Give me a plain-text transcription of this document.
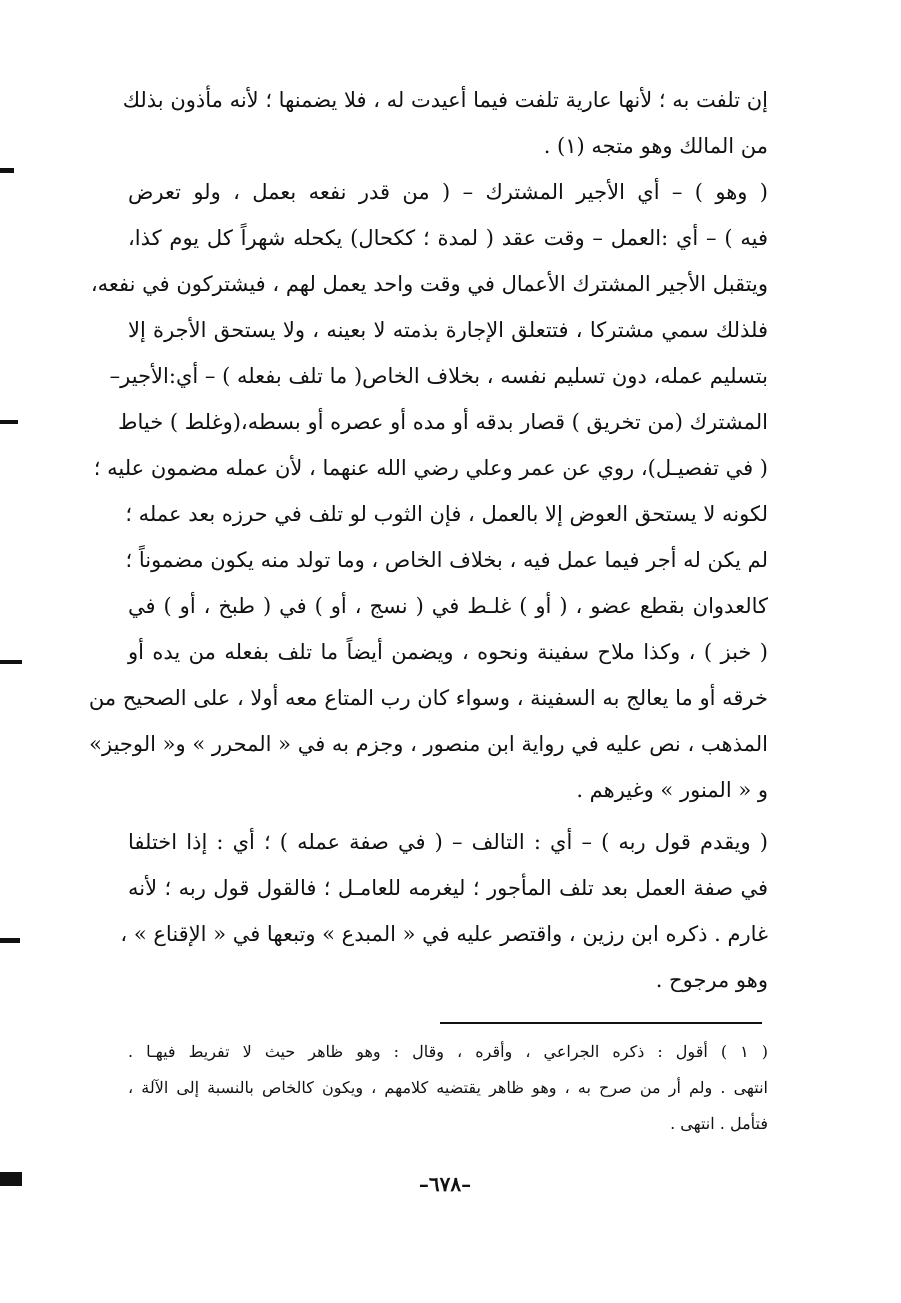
إن تلفت به ؛ لأنها عارية تلفت فيما أعيدت له ، فلا يضمنها ؛ لأنه مأذون بذلك
من المالك وهو متجه (١) .
( وهو ) – أي الأجير المشترك – ( من قدر نفعه بعمل ، ولو تعرض
فيه ) – أي :العمل – وقت عقد ( لمدة ؛ ككحال) يكحله شهراً كل يوم كذا،
ويتقبل الأجير المشترك الأعمال في وقت واحد يعمل لهم ، فيشتركون في نفعه،
فلذلك سمي مشتركا ، فتتعلق الإجارة بذمته لا بعينه ، ولا يستحق الأجرة إلا
بتسليم عمله، دون تسليم نفسه ، بخلاف الخاص( ما تلف بفعله ) – أي:الأجير–
المشترك (من تخريق ) قصار بدقه أو مده أو عصره أو بسطه،(وغلط ) خياط
( في تفصيـل)، روي عن عمر وعلي رضي الله عنهما ، لأن عمله مضمون عليه ؛
لكونه لا يستحق العوض إلا بالعمل ، فإن الثوب لو تلف في حرزه بعد عمله ؛
لم يكن له أجر فيما عمل فيه ، بخلاف الخاص ، وما تولد منه يكون مضموناً ؛
كالعدوان بقطع عضو ، ( أو ) غلـط في ( نسج ، أو ) في ( طبخ ، أو ) في
( خبز ) ، وكذا ملاح سفينة ونحوه ، ويضمن أيضاً ما تلف بفعله من يده أو
خرقه أو ما يعالج به السفينة ، وسواء كان رب المتاع معه أولا ، على الصحيح من
المذهب ، نص عليه في رواية ابن منصور ، وجزم به في « المحرر » و« الوجيز»
و « المنور » وغيرهم .
( ويقدم قول ربه ) – أي : التالف – ( في صفة عمله ) ؛ أي : إذا اختلفا
في صفة العمل بعد تلف المأجور ؛ ليغرمه للعامـل ؛ فالقول قول ربه ؛ لأنه
غارم . ذكره ابن رزين ، واقتصر عليه في « المبدع » وتبعها في « الإقناع » ،
وهو مرجوح .
( ١ ) أقول : ذكره الجراعي ، وأقره ، وقال : وهو ظاهر حيث لا تفريط فيهـا .
انتهى . ولم أر من صرح به ، وهو ظاهر يقتضيه كلامهم ، ويكون كالخاص بالنسبة إلى الآلة ،
فتأمل . انتهى .
–٦٧٨–
